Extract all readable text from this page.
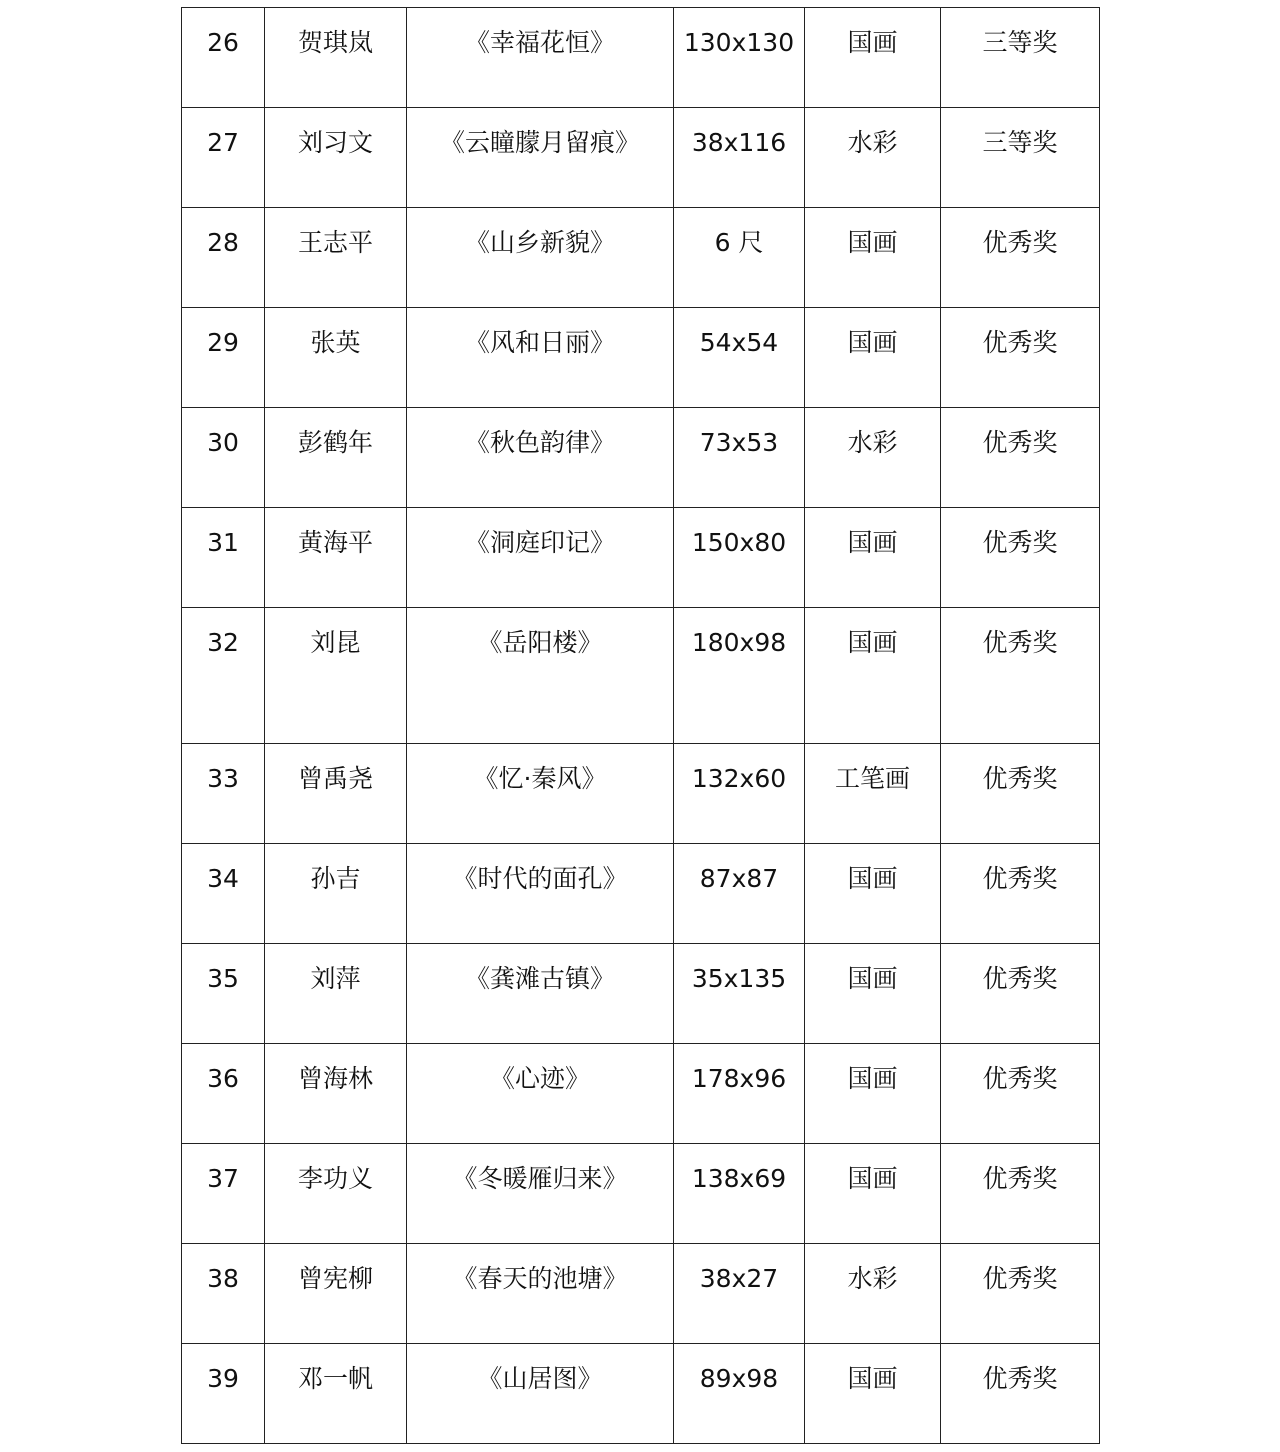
26	贺琪岚	《幸福花恒》	130x130	国画	三等奖
27	刘习文	《云瞳朦月留痕》	38x116	水彩	三等奖
28	王志平	《山乡新貌》	6 尺	国画	优秀奖
29	张英	《风和日丽》	54x54	国画	优秀奖
30	彭鹤年	《秋色韵律》	73x53	水彩	优秀奖
31	黄海平	《洞庭印记》	150x80	国画	优秀奖
32	刘昆	《岳阳楼》	180x98	国画	优秀奖
33	曾禹尧	《忆·秦风》	132x60	工笔画	优秀奖
34	孙吉	《时代的面孔》	87x87	国画	优秀奖
35	刘萍	《龚滩古镇》	35x135	国画	优秀奖
36	曾海林	《心迹》	178x96	国画	优秀奖
37	李功义	《冬暖雁归来》	138x69	国画	优秀奖
38	曾宪柳	《春天的池塘》	38x27	水彩	优秀奖
39	邓一帆	《山居图》	89x98	国画	优秀奖
